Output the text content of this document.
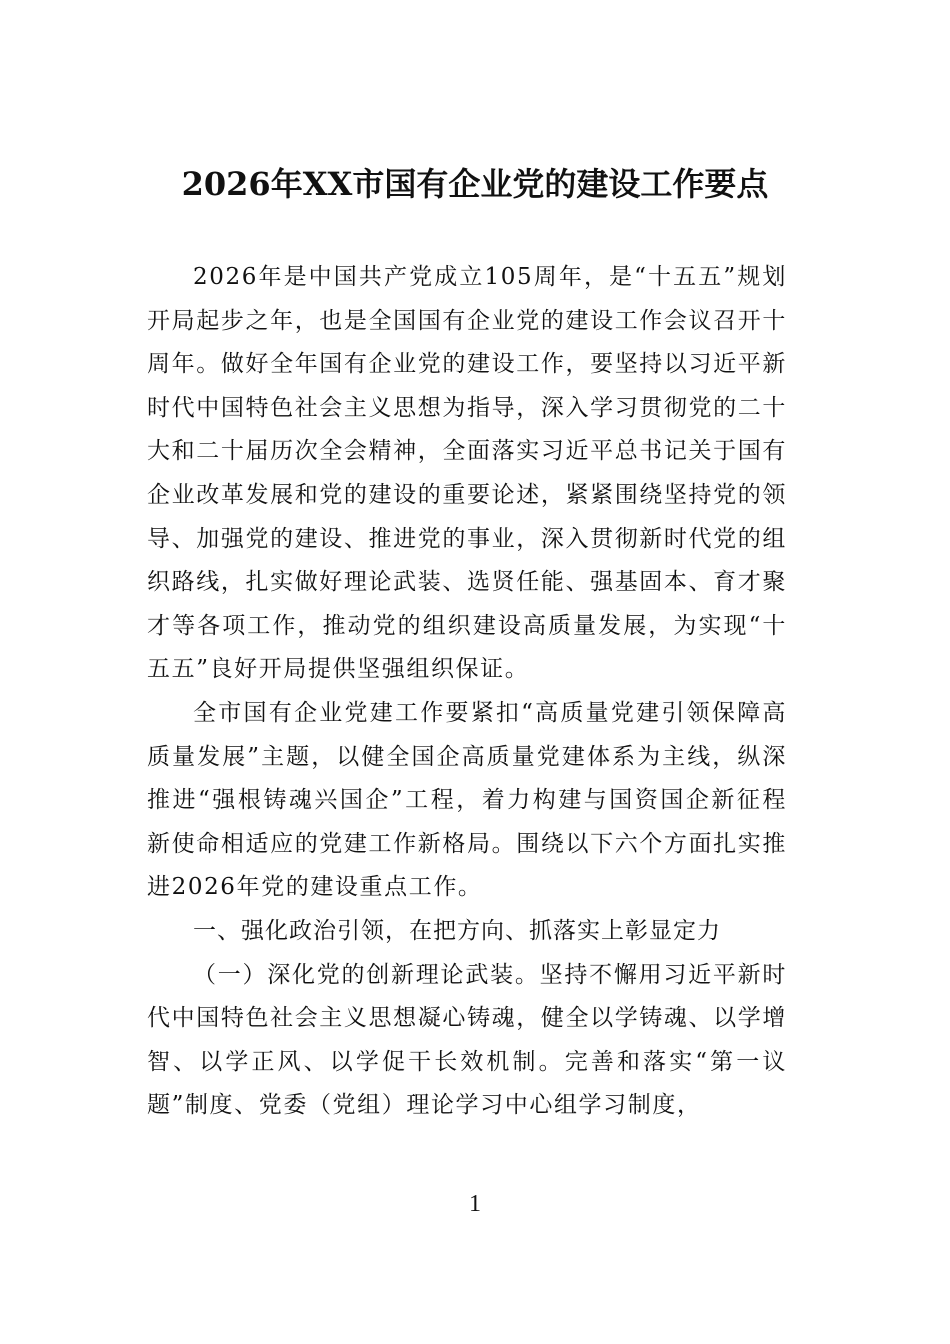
2026年XX市国有企业党的建设工作要点

2026年是中国共产党成立105周年，是“十五五”规划开局起步之年，也是全国国有企业党的建设工作会议召开十周年。做好全年国有企业党的建设工作，要坚持以习近平新时代中国特色社会主义思想为指导，深入学习贯彻党的二十大和二十届历次全会精神，全面落实习近平总书记关于国有企业改革发展和党的建设的重要论述，紧紧围绕坚持党的领导、加强党的建设、推进党的事业，深入贯彻新时代党的组织路线，扎实做好理论武装、选贤任能、强基固本、育才聚才等各项工作，推动党的组织建设高质量发展，为实现“十五五”良好开局提供坚强组织保证。

全市国有企业党建工作要紧扣“高质量党建引领保障高质量发展”主题，以健全国企高质量党建体系为主线，纵深推进“强根铸魂兴国企”工程，着力构建与国资国企新征程新使命相适应的党建工作新格局。围绕以下六个方面扎实推进2026年党的建设重点工作。

一、强化政治引领，在把方向、抓落实上彰显定力

（一）深化党的创新理论武装。坚持不懈用习近平新时代中国特色社会主义思想凝心铸魂，健全以学铸魂、以学增智、以学正风、以学促干长效机制。完善和落实“第一议题”制度、党委（党组）理论学习中心组学习制度，

1
